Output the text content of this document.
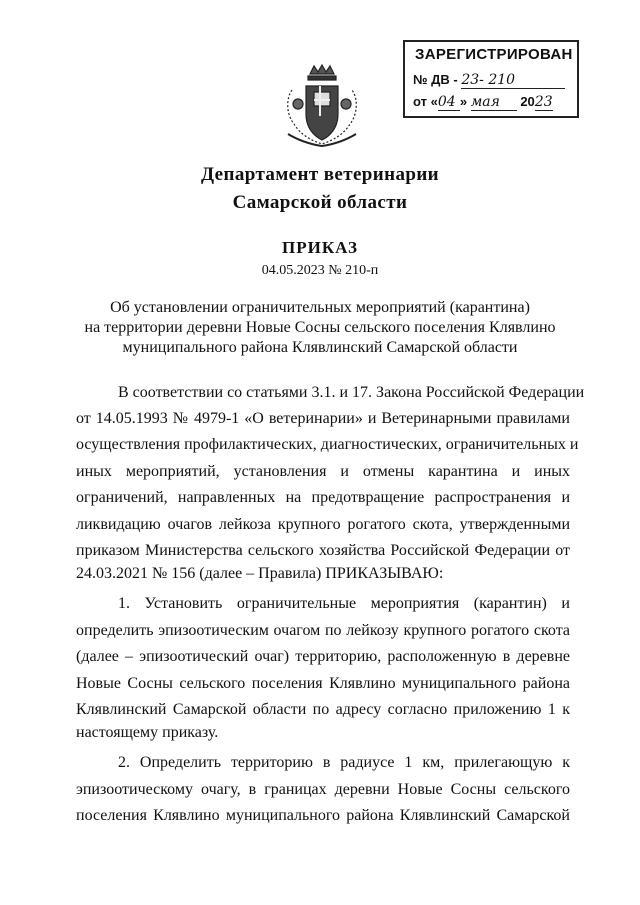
ЗАРЕГИСТРИРОВАН
№ ДВ - 23- 210
от «04 » мая 2023
Департамент ветеринарии
Самарской области
ПРИКАЗ
04.05.2023 № 210-п
Об установлении ограничительных мероприятий (карантина)
на территории деревни Новые Сосны сельского поселения Клявлино
муниципального района Клявлинский Самарской области
В соответствии со статьями 3.1. и 17. Закона Российской Федерации
от 14.05.1993 № 4979-1 «О ветеринарии» и Ветеринарными правилами
осуществления профилактических, диагностических, ограничительных и
иных мероприятий, установления и отмены карантина и иных
ограничений, направленных на предотвращение распространения и
ликвидацию очагов лейкоза крупного рогатого скота, утвержденными
приказом Министерства сельского хозяйства Российской Федерации от
24.03.2021 № 156 (далее – Правила) ПРИКАЗЫВАЮ:
1. Установить ограничительные мероприятия (карантин) и
определить эпизоотическим очагом по лейкозу крупного рогатого скота
(далее – эпизоотический очаг) территорию, расположенную в деревне
Новые Сосны сельского поселения Клявлино муниципального района
Клявлинский Самарской области по адресу согласно приложению 1 к
настоящему приказу.
2. Определить территорию в радиусе 1 км, прилегающую к
эпизоотическому очагу, в границах деревни Новые Сосны сельского
поселения Клявлино муниципального района Клявлинский Самарской
